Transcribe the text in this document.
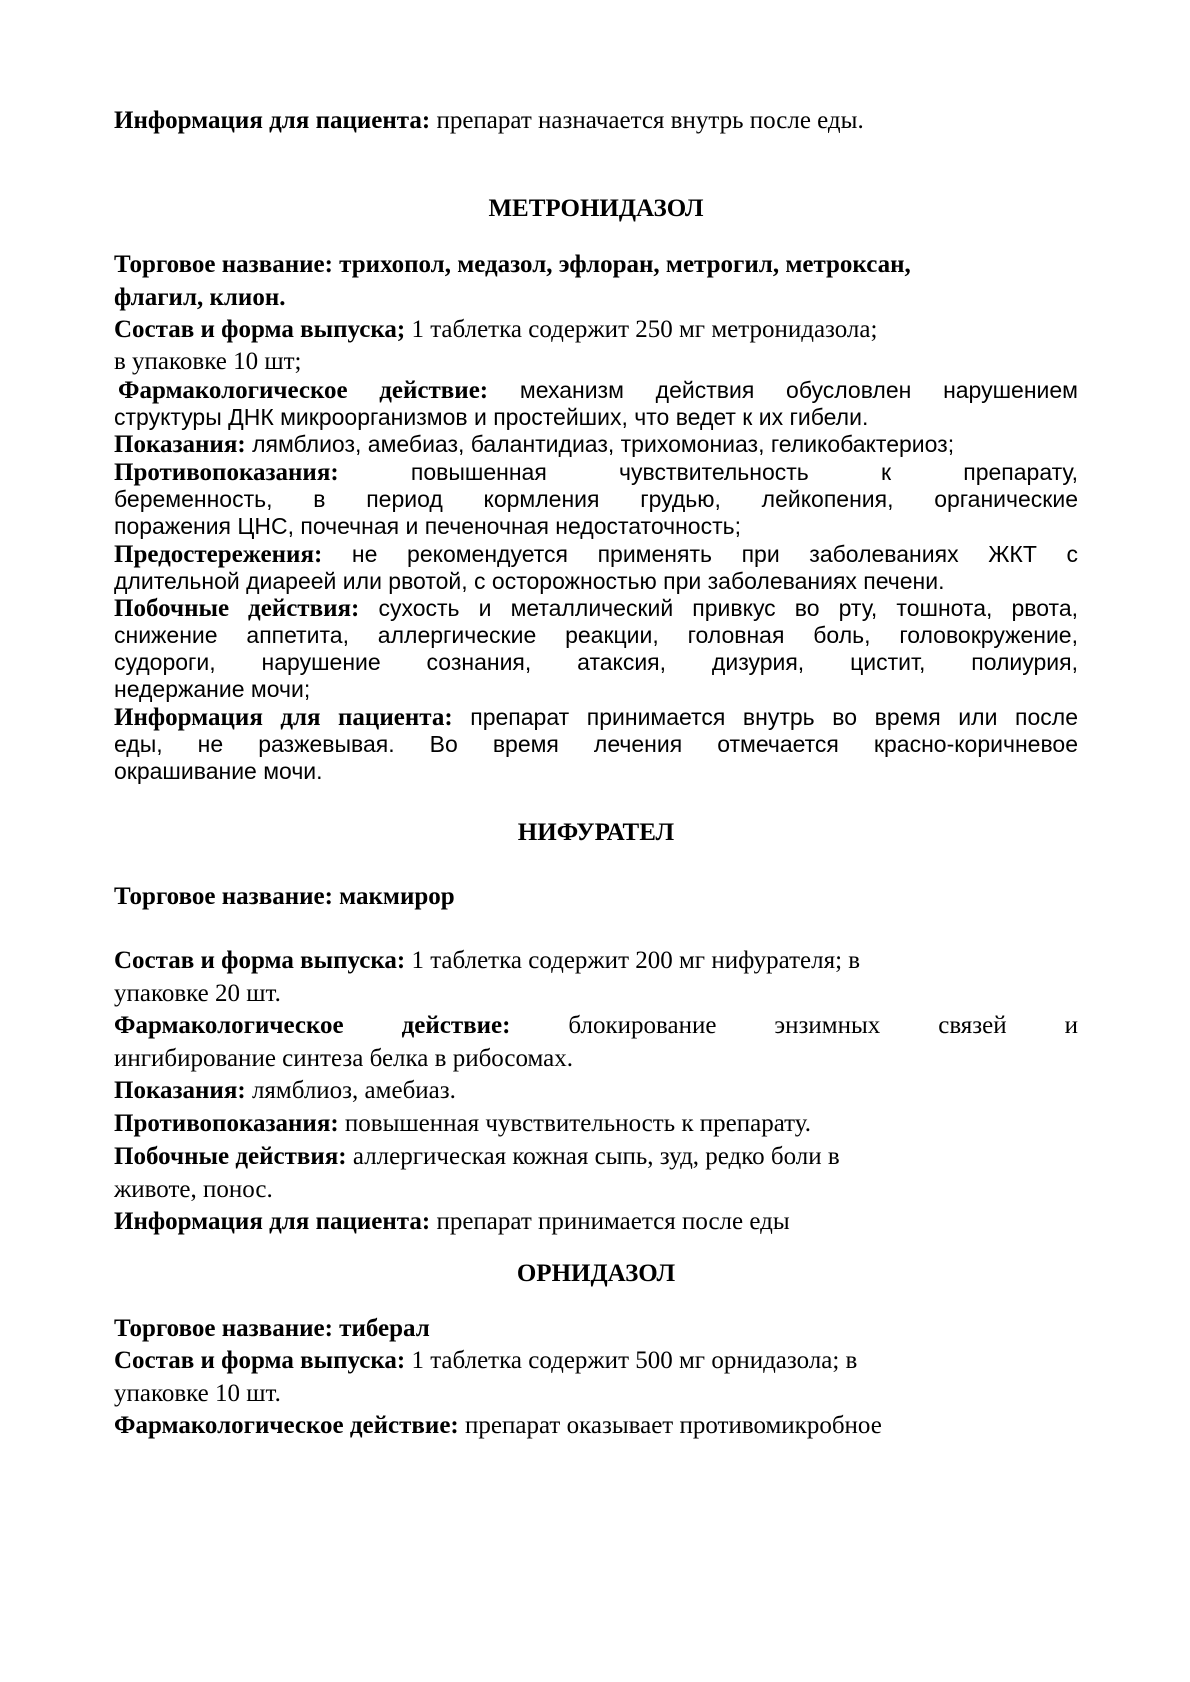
Информация для пациента: препарат назначается внутрь после еды.
МЕТРОНИДАЗОЛ
Торговое название: трихопол, медазол, эфлоран, метрогил, метроксан,
флагил, клион.
Состав и форма выпуска; 1 таблетка содержит 250 мг метронидазола;
в упаковке 10 шт;
Фармакологическое действие: механизм действия обусловлен нарушением
структуры ДНК микроорганизмов и простейших, что ведет к их гибели.
Показания: лямблиоз, амебиаз, балантидиаз, трихомониаз, геликобактериоз;
Противопоказания: повышенная чувствительность к препарату,
беременность, в период кормления грудью, лейкопения, органические
поражения ЦНС, почечная и печеночная недостаточность;
Предостережения: не рекомендуется применять при заболеваниях ЖКТ с
длительной диареей или рвотой, с осторожностью при заболеваниях печени.
Побочные действия: сухость и металлический привкус во рту, тошнота, рвота,
снижение аппетита, аллергические реакции, головная боль, головокружение,
судороги, нарушение сознания, атаксия, дизурия, цистит, полиурия,
недержание мочи;
Информация для пациента: препарат принимается внутрь во время или после
еды, не разжевывая. Во время лечения отмечается красно-коричневое
окрашивание мочи.
НИФУРАТЕЛ
Торговое название: макмирор
Состав и форма выпуска: 1 таблетка содержит 200 мг нифурателя; в
упаковке 20 шт.
Фармакологическое действие: блокирование энзимных связей и
ингибирование синтеза белка в рибосомах.
Показания: лямблиоз, амебиаз.
Противопоказания: повышенная чувствительность к препарату.
Побочные действия: аллергическая кожная сыпь, зуд, редко боли в
животе, понос.
Информация для пациента: препарат принимается после еды
ОРНИДАЗОЛ
Торговое название: тиберал
Состав и форма выпуска: 1 таблетка содержит 500 мг орнидазола; в
упаковке 10 шт.
Фармакологическое действие: препарат оказывает противомикробное
